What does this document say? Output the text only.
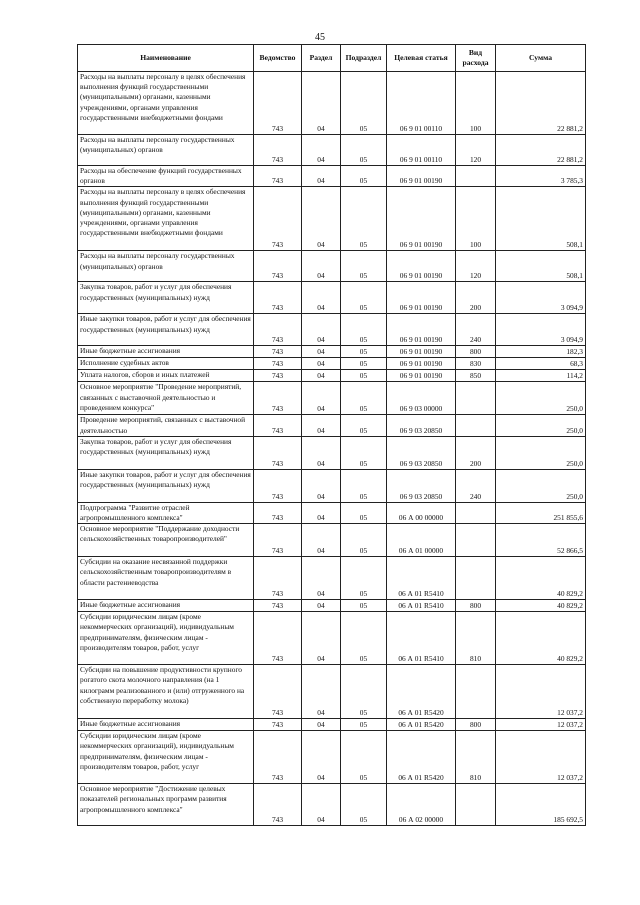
45
Наименование	Ведомство	Раздел	Подраздел	Целевая статья	Вид расхода	Сумма
Расходы на выплаты персоналу в целях обеспечения выполнения функций государственными (муниципальными) органами, казенными учреждениями, органами управления государственными внебюджетными фондами	743	04	05	06 9 01 00110	100	22 881,2
Расходы на выплаты персоналу государственных (муниципальных) органов	743	04	05	06 9 01 00110	120	22 881,2
Расходы на обеспечение функций государственных органов	743	04	05	06 9 01 00190		3 785,3
Расходы на выплаты персоналу в целях обеспечения выполнения функций государственными (муниципальными) органами, казенными учреждениями, органами управления государственными внебюджетными фондами	743	04	05	06 9 01 00190	100	508,1
Расходы на выплаты персоналу государственных (муниципальных) органов	743	04	05	06 9 01 00190	120	508,1
Закупка товаров, работ и услуг для обеспечения государственных (муниципальных) нужд	743	04	05	06 9 01 00190	200	3 094,9
Иные закупки товаров, работ и услуг для обеспечения государственных (муниципальных) нужд	743	04	05	06 9 01 00190	240	3 094,9
Иные бюджетные ассигнования	743	04	05	06 9 01 00190	800	182,3
Исполнение судебных актов	743	04	05	06 9 01 00190	830	68,3
Уплата налогов, сборов и иных платежей	743	04	05	06 9 01 00190	850	114,2
Основное мероприятие "Проведение мероприятий, связанных с выставочной деятельностью и проведением конкурса"	743	04	05	06 9 03 00000		250,0
Проведение мероприятий, связанных с выставочной деятельностью	743	04	05	06 9 03 20850		250,0
Закупка товаров, работ и услуг для обеспечения государственных (муниципальных) нужд	743	04	05	06 9 03 20850	200	250,0
Иные закупки товаров, работ и услуг для обеспечения государственных (муниципальных) нужд	743	04	05	06 9 03 20850	240	250,0
Подпрограмма "Развитие отраслей агропромышленного комплекса"	743	04	05	06 А 00 00000		251 855,6
Основное мероприятие "Поддержание доходности сельскохозяйственных товаропроизводителей"	743	04	05	06 А 01 00000		52 866,5
Субсидии на оказание несвязанной поддержки сельскохозяйственным товаропроизводителям в области растениеводства	743	04	05	06 А 01 R5410		40 829,2
Иные бюджетные ассигнования	743	04	05	06 А 01 R5410	800	40 829,2
Субсидии юридическим лицам (кроме некоммерческих организаций), индивидуальным предпринимателям, физическим лицам - производителям товаров, работ, услуг	743	04	05	06 А 01 R5410	810	40 829,2
Субсидии на повышение продуктивности крупного рогатого скота молочного направления (на 1 килограмм реализованного и (или) отгруженного на собственную переработку молока)	743	04	05	06 А 01 R5420		12 037,2
Иные бюджетные ассигнования	743	04	05	06 А 01 R5420	800	12 037,2
Субсидии юридическим лицам (кроме некоммерческих организаций), индивидуальным предпринимателям, физическим лицам - производителям товаров, работ, услуг	743	04	05	06 А 01 R5420	810	12 037,2
Основное мероприятие "Достижение целевых показателей региональных программ развития агропромышленного комплекса"	743	04	05	06 А 02 00000		185 692,5
